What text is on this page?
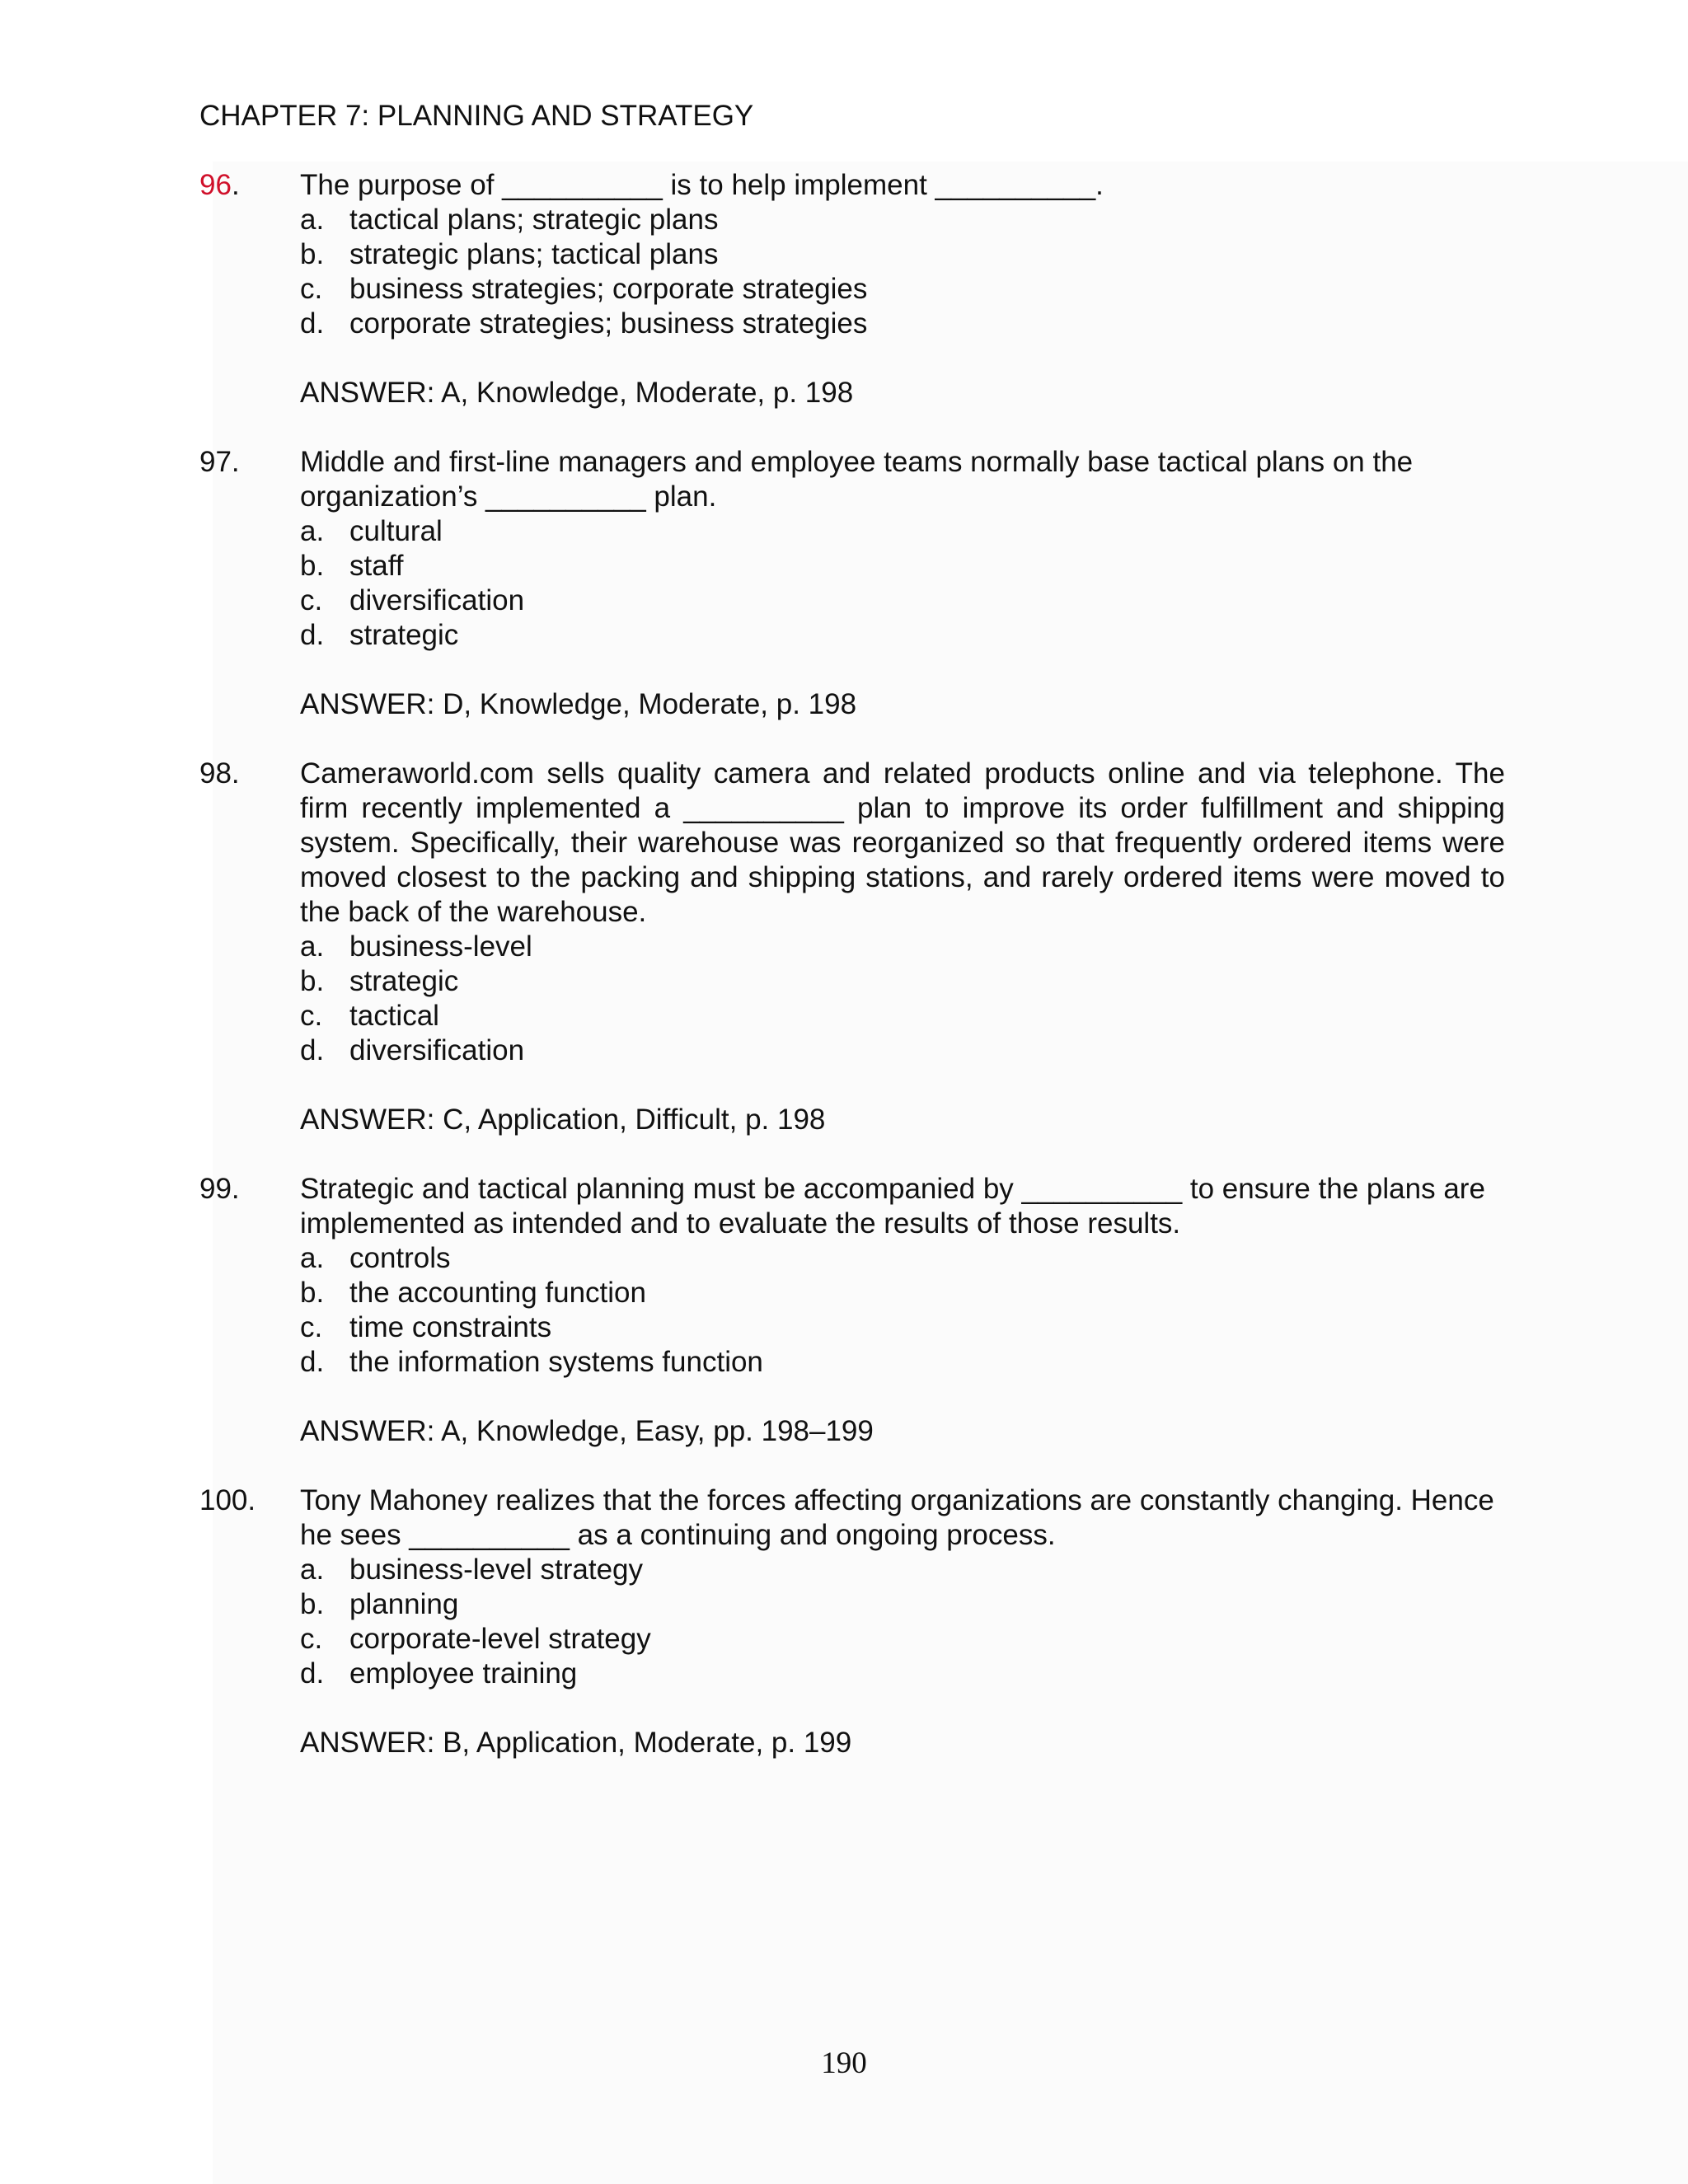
CHAPTER 7: PLANNING AND STRATEGY
96.	The purpose of __________ is to help implement __________.
a. tactical plans; strategic plans
b. strategic plans; tactical plans
c. business strategies; corporate strategies
d. corporate strategies; business strategies
ANSWER: A, Knowledge, Moderate, p. 198
97.	Middle and first-line managers and employee teams normally base tactical plans on the organization’s __________ plan.
a. cultural
b. staff
c. diversification
d. strategic
ANSWER: D, Knowledge, Moderate, p. 198
98.	Cameraworld.com sells quality camera and related products online and via telephone. The firm recently implemented a __________ plan to improve its order fulfillment and shipping system. Specifically, their warehouse was reorganized so that frequently ordered items were moved closest to the packing and shipping stations, and rarely ordered items were moved to the back of the warehouse.
a. business-level
b. strategic
c. tactical
d. diversification
ANSWER: C, Application, Difficult, p. 198
99.	Strategic and tactical planning must be accompanied by __________ to ensure the plans are implemented as intended and to evaluate the results of those results.
a. controls
b. the accounting function
c. time constraints
d. the information systems function
ANSWER: A, Knowledge, Easy, pp. 198–199
100.	Tony Mahoney realizes that the forces affecting organizations are constantly changing. Hence he sees __________ as a continuing and ongoing process.
a. business-level strategy
b. planning
c. corporate-level strategy
d. employee training
ANSWER: B, Application, Moderate, p. 199
190
